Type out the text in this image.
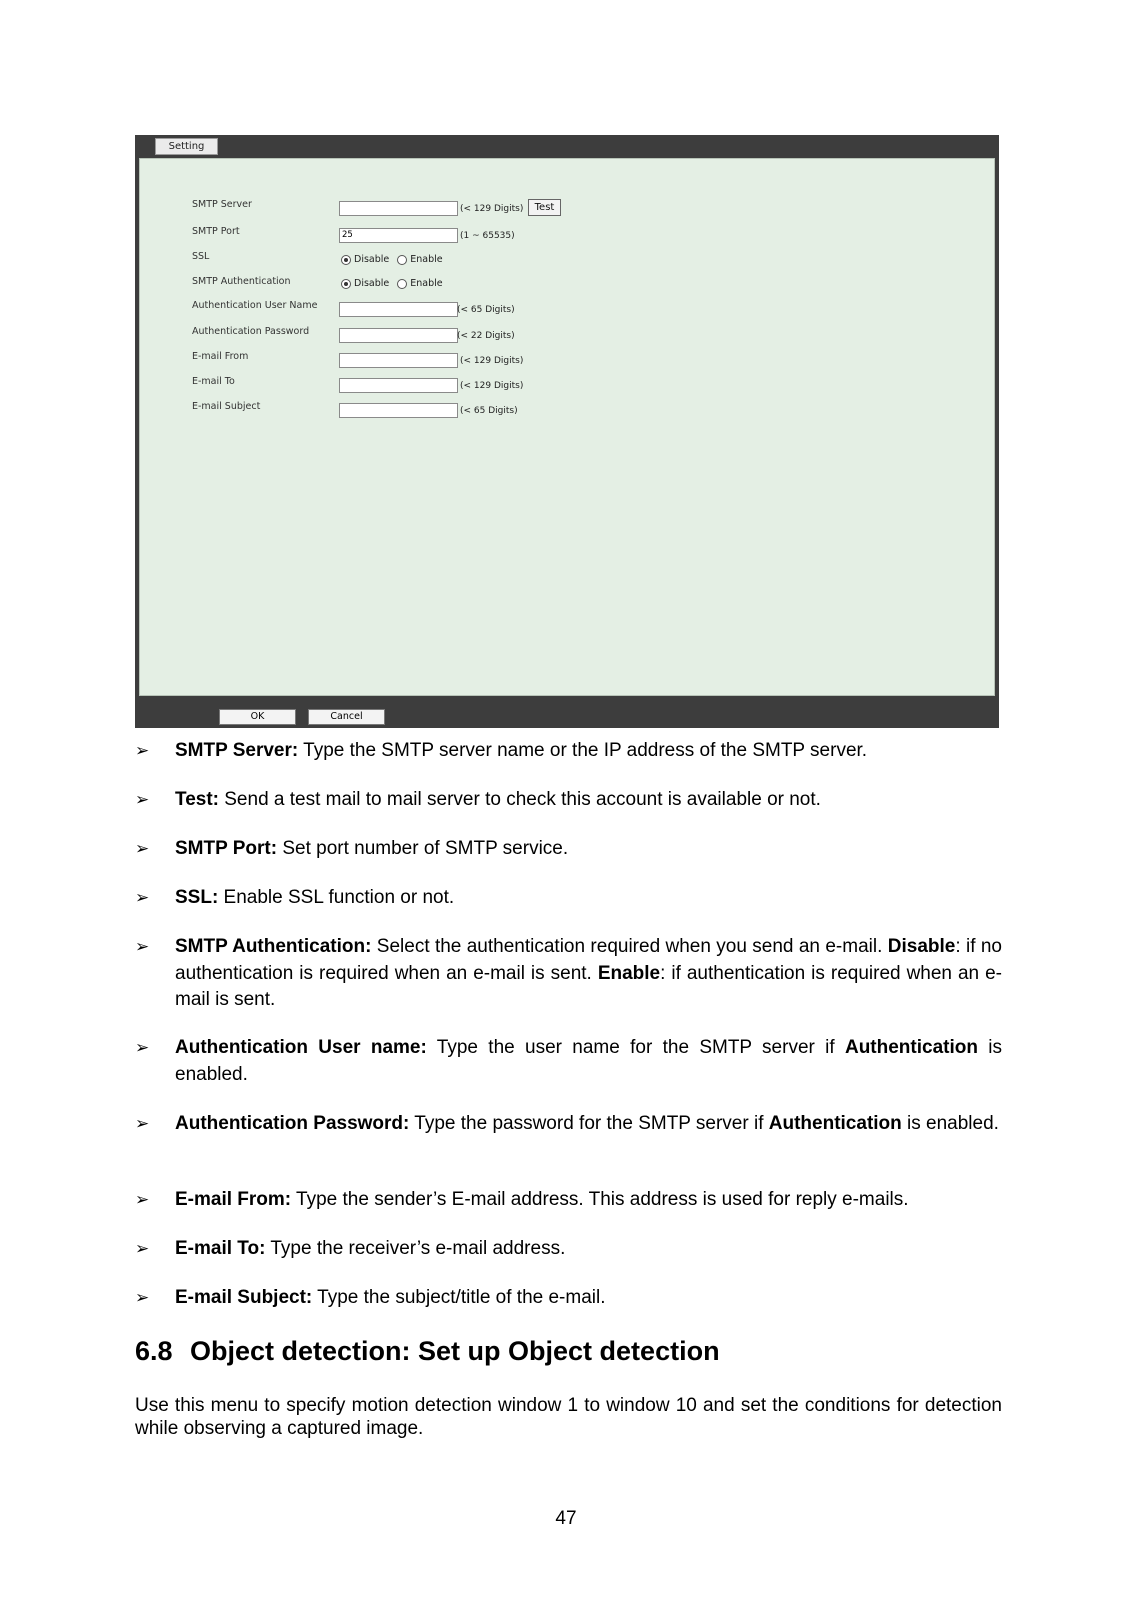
Setting
SMTP Server	(< 129 Digits)	Test
SMTP Port	25	(1 ~ 65535)
SSL	Disable Enable
SMTP Authentication	Disable Enable
Authentication User Name	(< 65 Digits)
Authentication Password	(< 22 Digits)
E-mail From	(< 129 Digits)
E-mail To	(< 129 Digits)
E-mail Subject	(< 65 Digits)
OK	Cancel
➢ SMTP Server: Type the SMTP server name or the IP address of the SMTP server.
➢ Test: Send a test mail to mail server to check this account is available or not.
➢ SMTP Port: Set port number of SMTP service.
➢ SSL: Enable SSL function or not.
➢ SMTP Authentication: Select the authentication required when you send an e-mail. Disable: if no authentication is required when an e-mail is sent. Enable: if authentication is required when an e-mail is sent.
➢ Authentication User name: Type the user name for the SMTP server if Authentication is enabled.
➢ Authentication Password: Type the password for the SMTP server if Authentication is enabled.
➢ E-mail From: Type the sender’s E-mail address. This address is used for reply e-mails.
➢ E-mail To: Type the receiver’s e-mail address.
➢ E-mail Subject: Type the subject/title of the e-mail.
6.8 Object detection: Set up Object detection

Use this menu to specify motion detection window 1 to window 10 and set the conditions for detection while observing a captured image.

47
